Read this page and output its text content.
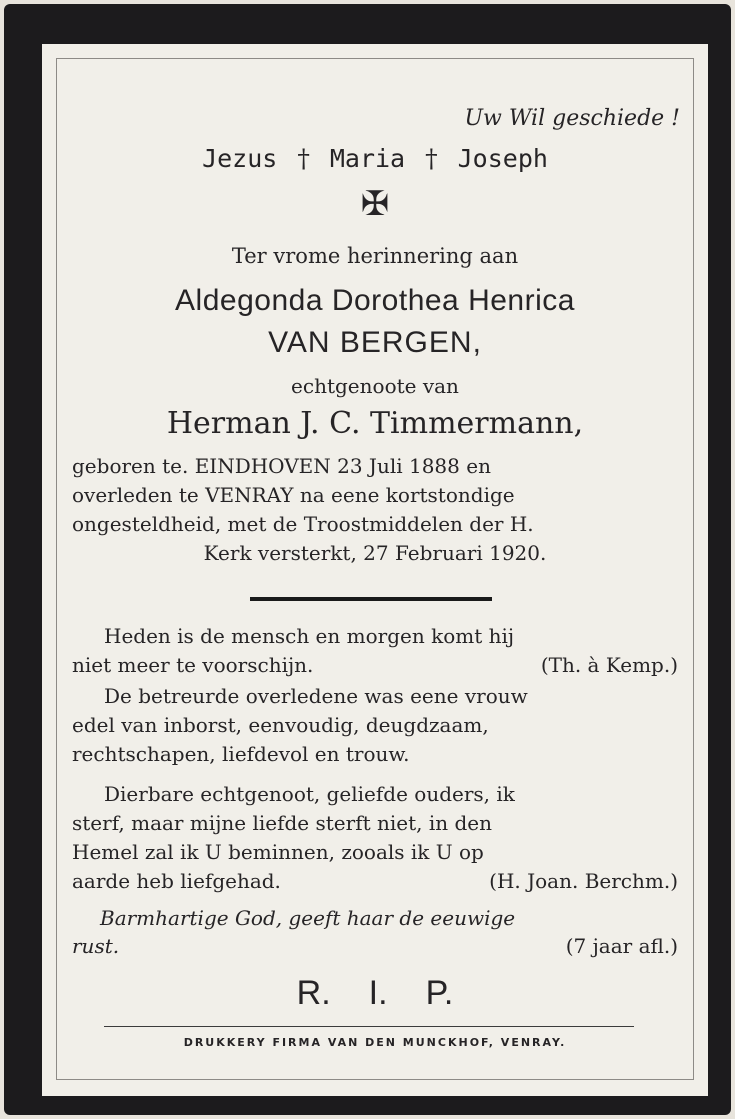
Uw Wil geschiede !
Jezus † Maria † Joseph
✠
Ter vrome herinnering aan
Aldegonda Dorothea Henrica
VAN BERGEN,
echtgenoote van
Herman J. C. Timmermann,
geboren te. EINDHOVEN 23 Juli 1888 en
overleden te VENRAY na eene kortstondige
ongesteldheid, met de Troostmiddelen der H.
Kerk versterkt, 27 Februari 1920.
Heden is de mensch en morgen komt hij
niet meer te voorschijn.	(Th. à Kemp.)
De betreurde overledene was eene vrouw
edel van inborst, eenvoudig, deugdzaam,
rechtschapen, liefdevol en trouw.
Dierbare echtgenoot, geliefde ouders, ik
sterf, maar mijne liefde sterft niet, in den
Hemel zal ik U beminnen, zooals ik U op
aarde heb liefgehad.	(H. Joan. Berchm.)
Barmhartige God, geeft haar de eeuwige
rust.	(7 jaar afl.)
R. I. P.
DRUKKERY FIRMA VAN DEN MUNCKHOF, VENRAY.
